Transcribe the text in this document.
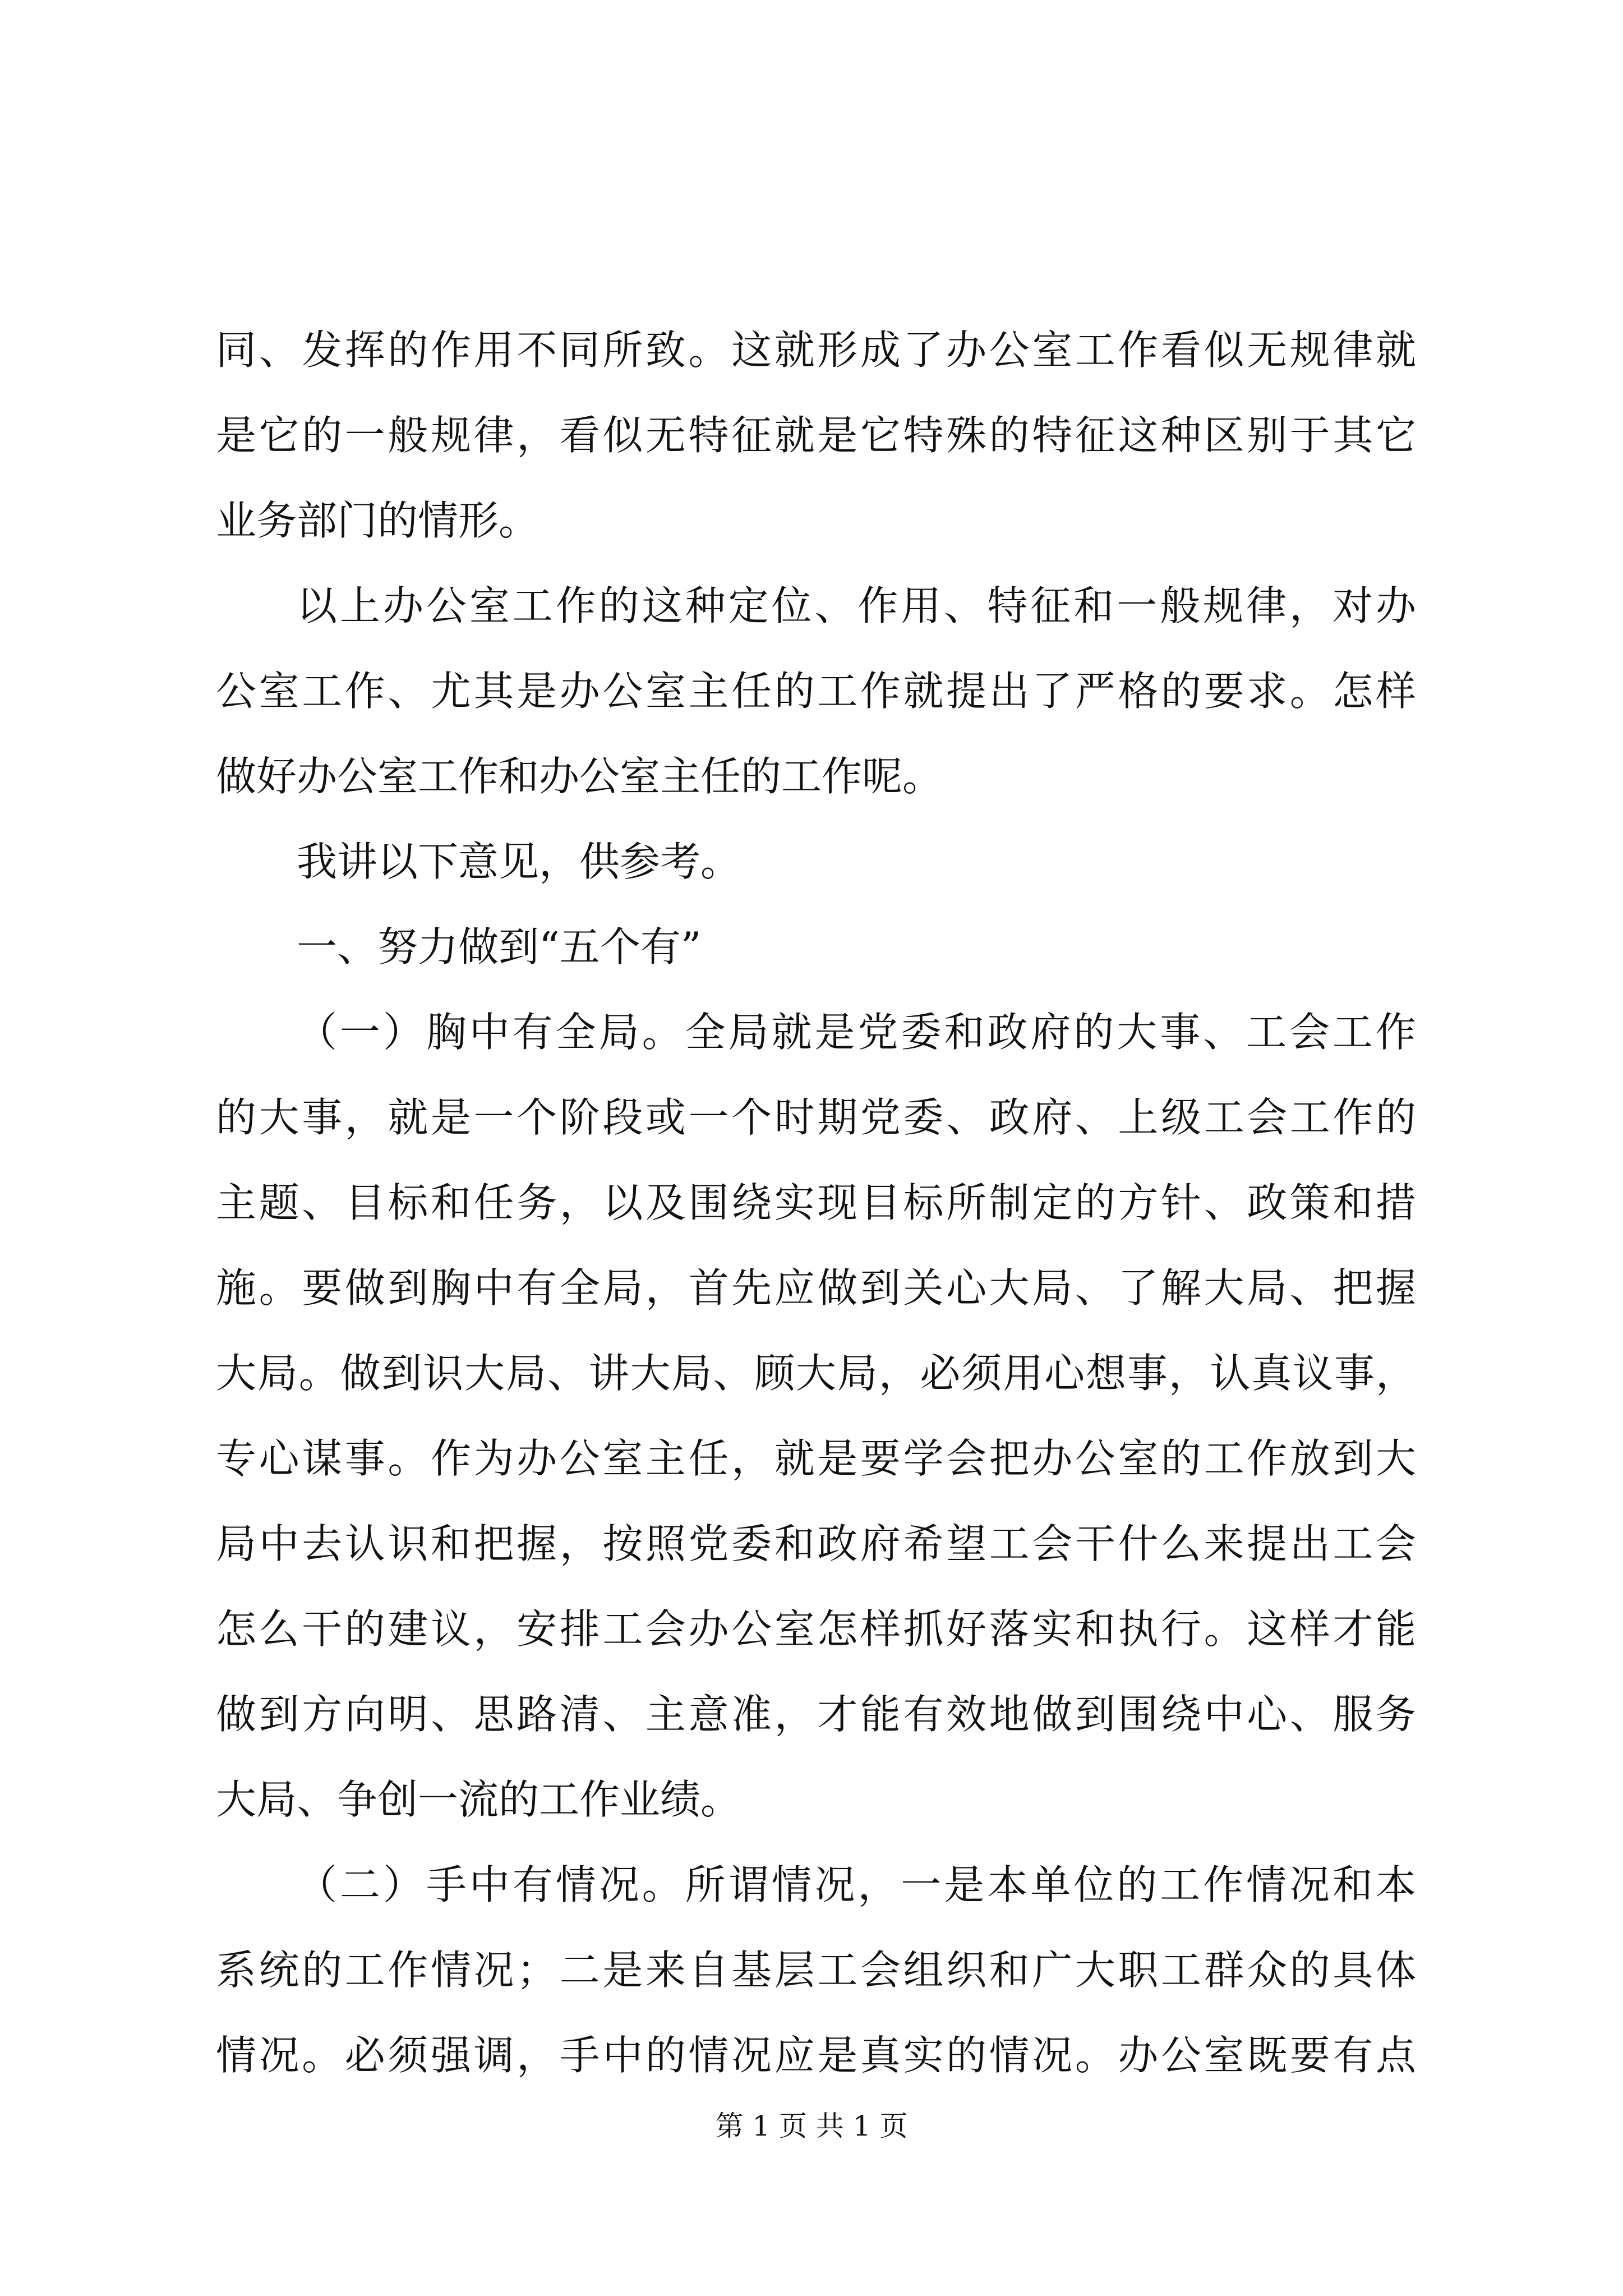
同、发挥的作用不同所致。这就形成了办公室工作看似无规律就
是它的一般规律，看似无特征就是它特殊的特征这种区别于其它
业务部门的情形。
以上办公室工作的这种定位、作用、特征和一般规律，对办
公室工作、尤其是办公室主任的工作就提出了严格的要求。怎样
做好办公室工作和办公室主任的工作呢。
我讲以下意见，供参考。
一、努力做到“五个有”
（一）胸中有全局。全局就是党委和政府的大事、工会工作
的大事，就是一个阶段或一个时期党委、政府、上级工会工作的
主题、目标和任务，以及围绕实现目标所制定的方针、政策和措
施。要做到胸中有全局，首先应做到关心大局、了解大局、把握
大局。做到识大局、讲大局、顾大局，必须用心想事，认真议事，
专心谋事。作为办公室主任，就是要学会把办公室的工作放到大
局中去认识和把握，按照党委和政府希望工会干什么来提出工会
怎么干的建议，安排工会办公室怎样抓好落实和执行。这样才能
做到方向明、思路清、主意准，才能有效地做到围绕中心、服务
大局、争创一流的工作业绩。
（二）手中有情况。所谓情况，一是本单位的工作情况和本
系统的工作情况；二是来自基层工会组织和广大职工群众的具体
情况。必须强调，手中的情况应是真实的情况。办公室既要有点
第 1 页 共 1 页
